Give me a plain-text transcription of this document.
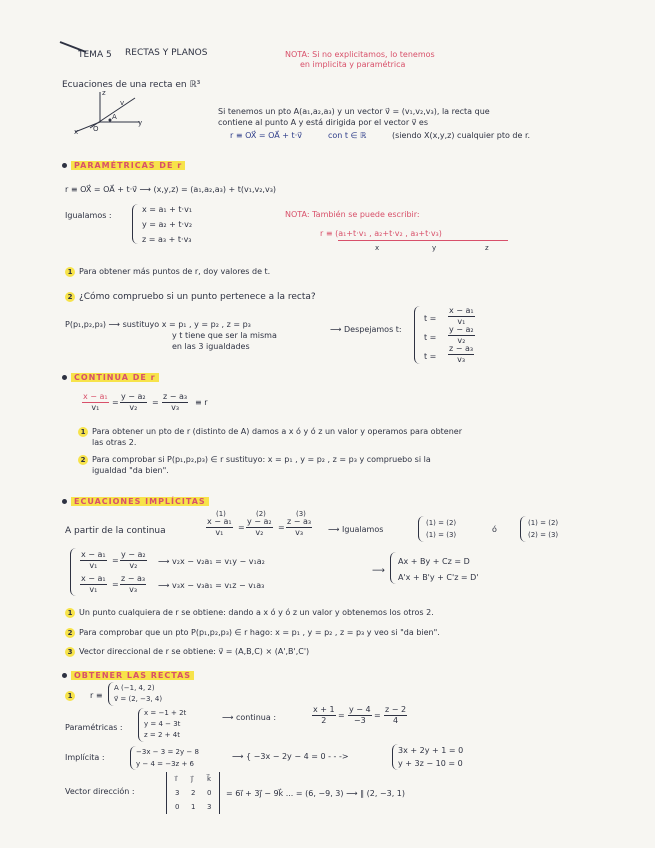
TEMA 5 RECTAS Y PLANOS	NOTA: Si no explicitamos, lo tenemos
en implicita y paramétrica
Ecuaciones de una recta en ℝ³
x
y
z
A
v
O
Si tenemos un pto A(a₁,a₂,a₃) y un vector v⃗ = (v₁,v₂,v₃), la recta que
contiene al punto A y está dirigida por el vector v⃗ es
r ≡ OX⃗ = OA⃗ + t·v⃗	con t ∈ ℝ	(siendo X(x,y,z) cualquier pto de r.
PARAMÉTRICAS DE r
r ≡ OX⃗ = OA⃗ + t·v⃗ ⟶ (x,y,z) = (a₁,a₂,a₃) + t(v₁,v₂,v₃)
Igualamos :
x = a₁ + t·v₁
y = a₂ + t·v₂
z = a₃ + t·v₃
NOTA: También se puede escribir:
r ≡ (a₁+t·v₁ , a₂+t·v₂ , a₃+t·v₃)
x	y	z
1 Para obtener más puntos de r, doy valores de t.
2 ¿Cómo compruebo si un punto pertenece a la recta?
P(p₁,p₂,p₃) ⟶ sustituyo x = p₁ , y = p₂ , z = p₃
y t tiene que ser la misma
en las 3 igualdades
⟶ Despejamos t:
$t = \frac{\text{x − a₁}}{\text{v₁}}$
$t = \frac{\text{y − a₂}}{\text{v₂}}$
$t = \frac{\text{z − a₃}}{\text{v₃}}$
CONTINUA DE r
$\frac{\text{x − a₁}}{\text{v₁}} = \frac{\text{y − a₂}}{\text{v₂}} = \frac{\text{z − a₃}}{\text{v₃}} \equiv r$
1 Para obtener un pto de r (distinto de A) damos a x ó y ó z un valor y operamos para obtener
las otras 2.
2 Para comprobar si P(p₁,p₂,p₃) ∈ r sustituyo: x = p₁ , y = p₂ , z = p₃ y compruebo si la
igualdad "da bien".
ECUACIONES IMPLÍCITAS
A partir de la continua
(1)	(2)	(3)
$\frac{\text{x − a₁}}{\text{v₁}} = \frac{\text{y − a₂}}{\text{v₂}} = \frac{\text{z − a₃}}{\text{v₃}}$ ⟶ Igualamos
(1) = (2)
(1) = (3)
ó
(1) = (2)
(2) = (3)
$\frac{\text{x − a₁}}{\text{v₁}} = \frac{\text{y − a₂}}{\text{v₂}}$ ⟶ v₂x − v₂a₁ = v₁y − v₁a₂
$\frac{\text{x − a₁}}{\text{v₁}} = \frac{\text{z − a₃}}{\text{v₃}}$ ⟶ v₃x − v₃a₁ = v₁z − v₁a₃
⟶
Ax + By + Cz = D
A'x + B'y + C'z = D'
1 Un punto cualquiera de r se obtiene: dando a x ó y ó z un valor y obtenemos los otros 2.
2 Para comprobar que un pto P(p₁,p₂,p₃) ∈ r hago: x = p₁ , y = p₂ , z = p₃ y veo si "da bien".
3 Vector direccional de r se obtiene: v⃗ = (A,B,C) × (A',B',C')
OBTENER LAS RECTAS
1	r ≡
A (−1, 4, 2)
v⃗ = (2, −3, 4)
Paramétricas :
x = −1 + 2t
y = 4 − 3t
z = 2 + 4t
⟶ continua :	$\frac{x + 1}{2} = \frac{y - 4}{-3} = \frac{z - 2}{4}$
Implícita :
−3x − 3 = 2y − 8
y − 4 = −3z + 6
⟶ { −3x − 2y − 4 = 0 - - ->
3x + 2y + 1 = 0
y + 3z − 10 = 0
Vector dirección :
i⃗ j⃗ k⃗
3 2 0
0 1 3
= 6i⃗ + 3j⃗ − 9k⃗ ... = (6, −9, 3) ⟶ ∥ (2, −3, 1)
